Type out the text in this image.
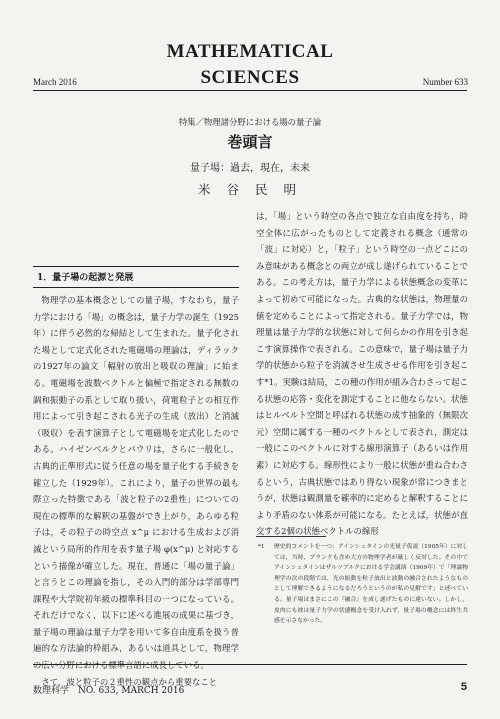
MATHEMATICAL
SCIENCES
March 2016	Number 633
特集／物理諸分野における場の量子論
巻頭言
量子場：過去，現在，未来
米 谷 民 明
1．量子場の起源と発展

物理学の基本概念としての量子場，すなわち，量子力学における「場」の概念は，量子力学の誕生（1925年）に伴う必然的な帰結として生まれた。量子化された場として定式化された電磁場の理論は，ディラックの1927年の論文「輻射の放出と吸収の理論」に始まる。電磁場を波数ベクトルと偏極で指定される無数の調和振動子の系として取り扱い，荷電粒子との相互作用によって引き起こされる光子の生成（放出）と消滅（吸収）を表す演算子として電磁場を定式化したのである。ハイゼンベルクとパウリは，さらに一般化し，古典的正準形式に従う任意の場を量子化する手続きを確立した（1929年）。これにより，量子の世界の最も際立った特徴である「波と粒子の2重性」についての現在の標準的な解釈の基盤ができ上がり，あらゆる粒子は，その粒子の時空点 x^μ における生成および消滅という局所的作用を表す量子場 φ(x^μ) と対応するという描像が確立した。現在，普通に「場の量子論」と言うとこの理論を指し，その入門的部分は学部専門課程や大学院初年級の標準科目の一つになっている。それだけでなく，以下に述べる進展の成果に基づき，量子場の理論は量子力学を用いて多自由度系を扱う普遍的な方法論的枠組み，あるいは道具として，物理学の広い分野における標準言語に成長している。

さて，波と粒子の２重性の観点から重要なこと

は，「場」という時空の各点で独立な自由度を持ち，時空全体に広がったものとして定義される概念（通常の「波」に対応）と，「粒子」という時空の一点どこにのみ意味がある概念との両立が成し遂げられていることである。この考え方は，量子力学による状態概念の変革によって初めて可能になった。古典的な状態は，物理量の値を定めることによって指定される。量子力学では，物理量は量子力学的な状態に対して何らかの作用を引き起こす演算操作で表される。この意味で，量子場は量子力学的状態から粒子を消滅させ生成させる作用を引き起こす*1。実験は結局，この種の作用が組み合わさって起こる状態の応答・変化を測定することに他ならない。状態はヒルベルト空間と呼ばれる状態の成す抽象的（無限次元）空間に属する一種のベクトルとして表され，測定は一般にこのベクトルに対する線形演算子（あるいは作用素）に対応する。線形性により一般に状態が重ね合わさるという，古典状態ではあり得ない現象が常につきまとうが，状態は観測量を確率的に定めると解釈することにより矛盾のない体系が可能になる。たとえば，状態が直交する2個の状態ベクトルの線形

*1	歴史的コメントを一つ：アインシュタインの光量子仮説（1905年）に対しては，当時，プランクも含め大方の物理学者が厳しく反対した。その中でアインシュタインはザルツブルクにおける学会講演（1909年）で「理論物理学の次の段階では，光の振動を粒子放出と波動の融合されたようなものとして理解できるようになるだろうというのが私の見解です」と述べている。量子場はまさにこの『融合』を成し遂げたものに違いない。しかし，皮肉にも彼は量子力学の状態概念を受け入れず，量子場の概念には終生共感を示さなかった。
数理科学　NO. 633, MARCH 2016	5
